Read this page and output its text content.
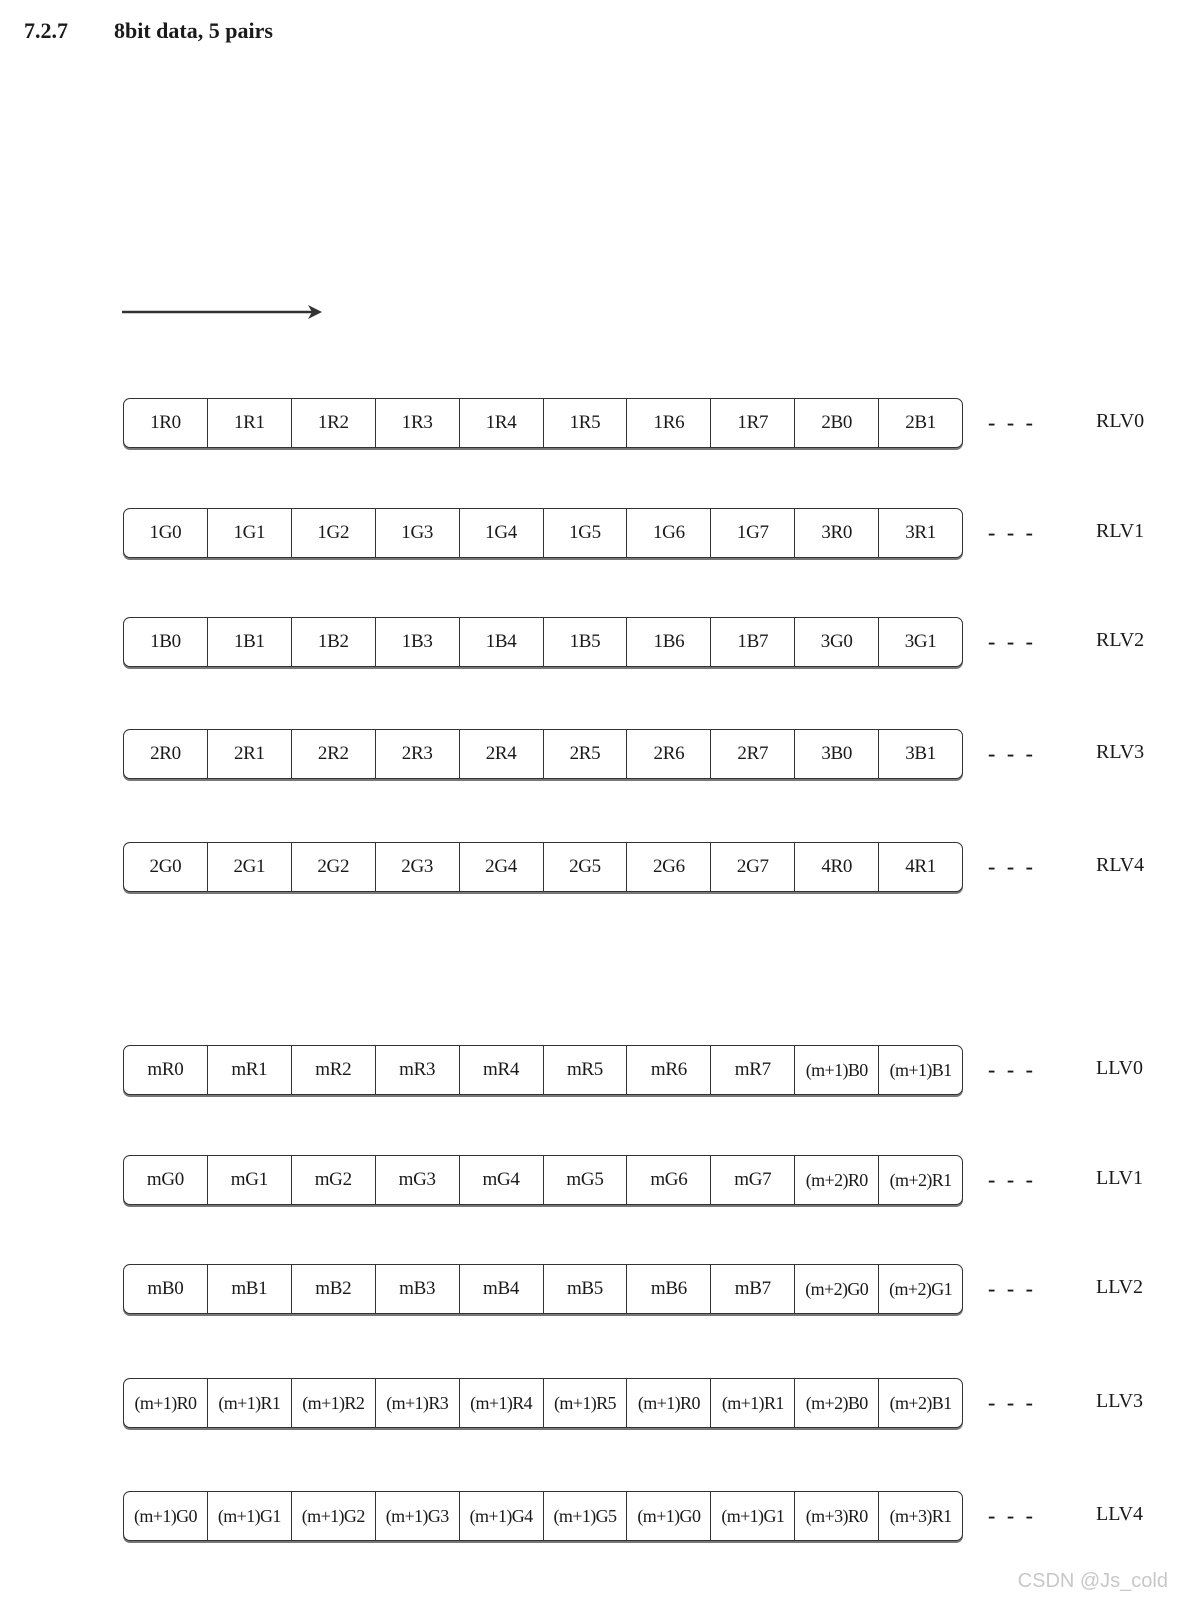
7.2.7	8bit data, 5 pairs
1R0	1R1	1R2	1R3	1R4	1R5	1R6	1R7	2B0	2B1	- - -	RLV0
1G0	1G1	1G2	1G3	1G4	1G5	1G6	1G7	3R0	3R1	- - -	RLV1
1B0	1B1	1B2	1B3	1B4	1B5	1B6	1B7	3G0	3G1	- - -	RLV2
2R0	2R1	2R2	2R3	2R4	2R5	2R6	2R7	3B0	3B1	- - -	RLV3
2G0	2G1	2G2	2G3	2G4	2G5	2G6	2G7	4R0	4R1	- - -	RLV4
mR0	mR1	mR2	mR3	mR4	mR5	mR6	mR7	(m+1)B0	(m+1)B1	- - -	LLV0
mG0	mG1	mG2	mG3	mG4	mG5	mG6	mG7	(m+2)R0	(m+2)R1	- - -	LLV1
mB0	mB1	mB2	mB3	mB4	mB5	mB6	mB7	(m+2)G0	(m+2)G1	- - -	LLV2
(m+1)R0	(m+1)R1	(m+1)R2	(m+1)R3	(m+1)R4	(m+1)R5	(m+1)R0	(m+1)R1	(m+2)B0	(m+2)B1	- - -	LLV3
(m+1)G0	(m+1)G1	(m+1)G2	(m+1)G3	(m+1)G4	(m+1)G5	(m+1)G0	(m+1)G1	(m+3)R0	(m+3)R1	- - -	LLV4
CSDN @Js_cold
